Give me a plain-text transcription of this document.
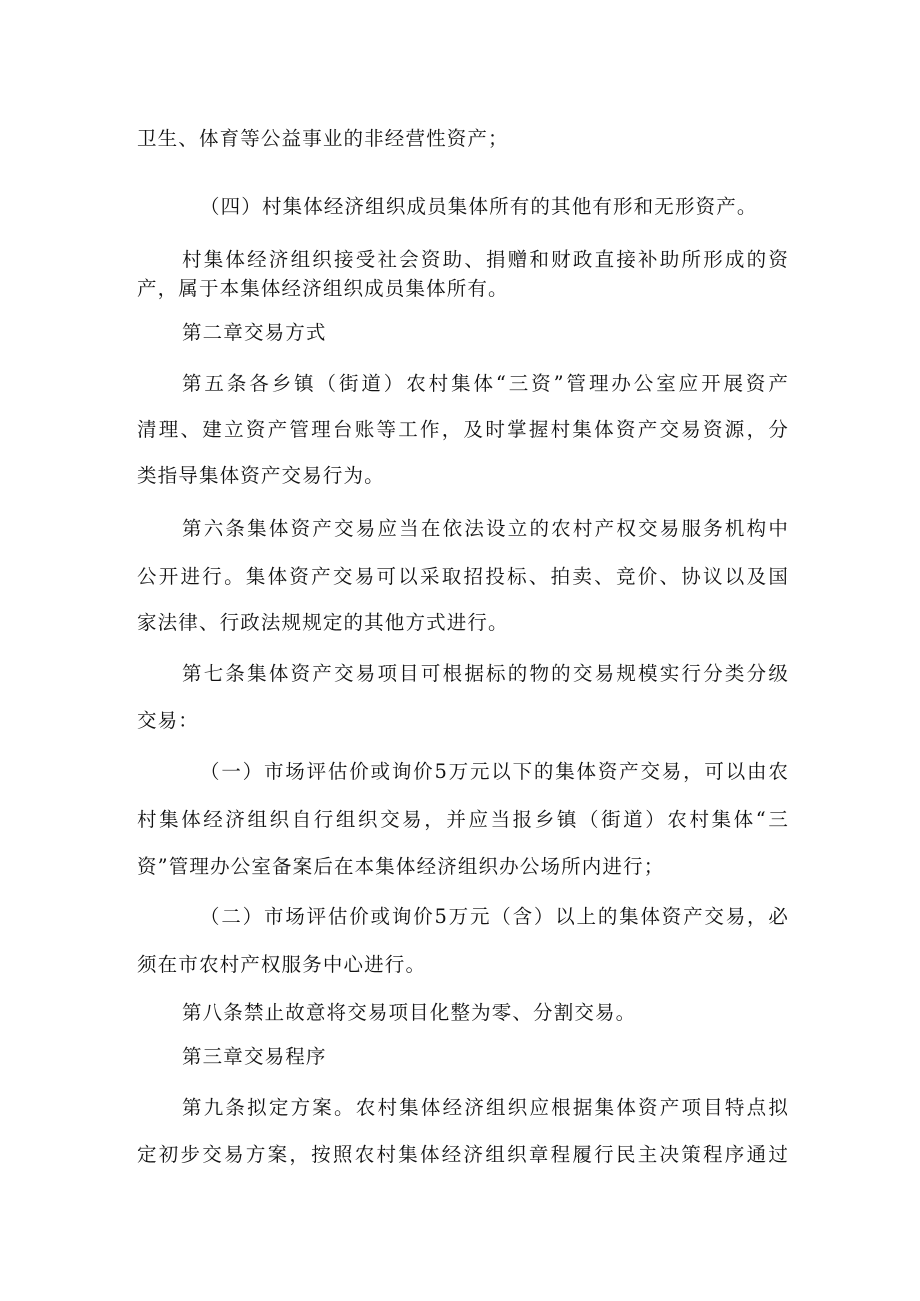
卫生、体育等公益事业的非经营性资产；
（四）村集体经济组织成员集体所有的其他有形和无形资产。
村集体经济组织接受社会资助、捐赠和财政直接补助所形成的资
产，属于本集体经济组织成员集体所有。
第二章交易方式
第五条各乡镇（街道）农村集体“三资”管理办公室应开展资产
清理、建立资产管理台账等工作，及时掌握村集体资产交易资源，分
类指导集体资产交易行为。
第六条集体资产交易应当在依法设立的农村产权交易服务机构中
公开进行。集体资产交易可以采取招投标、拍卖、竞价、协议以及国
家法律、行政法规规定的其他方式进行。
第七条集体资产交易项目可根据标的物的交易规模实行分类分级
交易：
（一）市场评估价或询价5万元以下的集体资产交易，可以由农
村集体经济组织自行组织交易，并应当报乡镇（街道）农村集体“三
资”管理办公室备案后在本集体经济组织办公场所内进行；
（二）市场评估价或询价5万元（含）以上的集体资产交易，必
须在市农村产权服务中心进行。
第八条禁止故意将交易项目化整为零、分割交易。
第三章交易程序
第九条拟定方案。农村集体经济组织应根据集体资产项目特点拟
定初步交易方案，按照农村集体经济组织章程履行民主决策程序通过
